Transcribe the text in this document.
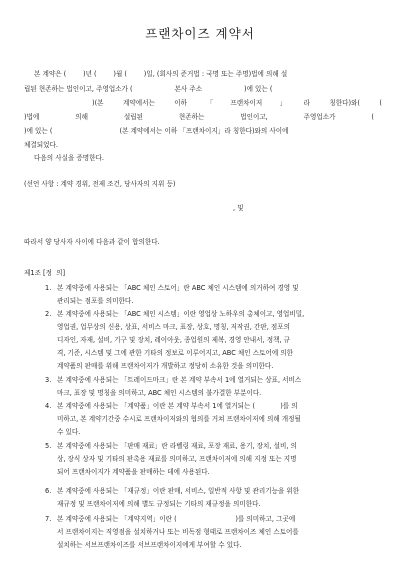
프랜차이즈 계약서
본 계약은 (        )년 (        )월 (        )일, (회사의 준거법 : 국명 또는 주명)법에 의해 설
립된 현존하는 법인이고, 주영업소가 (                    본사 주소                    )에 있는 (
)(본 계약에서는 이하 「프랜차이저」라 칭한다)와( (
)법에 의해 설립된 현존하는 법인이고, 주영업소가 (
)에 있는 (                                (본 계약에서는 이하 「프랜차이지」라 칭한다)와의 사이에
체결되었다.
다음의 사실을 증명한다.
(선언 사항 : 계약 경위, 전제 조건, 당사자의 지위 등)
, 및
따라서 양 당사자 사이에 다음과 같이 합의한다.
제1조 [정  의]
1. 본 계약중에 사용되는 「ABC 체인 스토어」란 ABC 체인 시스템에 의거하여 경영 및
관리되는 점포를 의미한다.
2. 본 계약중에 사용되는 「ABC 체인 시스템」이란 영업상 노하우의 총체이고, 영업비밀,
영업권, 업무상의 신용, 상표, 서비스 마크, 표장, 상호, 명칭, 저작권, 간판, 점포의
디자인, 자재, 설비, 기구 및 장치, 레이아웃, 종업원의 제복, 경영 안내서, 정책, 규
격, 기준, 시스템 및 그에 관한 기타의 정보로 이루어지고, ABC 체인 스토어에 의한
계약품의 판매를 위해 프랜차이저가 개발하고 정당히 소유한 것을 의미한다.
3. 본 계약중에 사용되는 「트레이드마크」란 본 계약 부속서 1에 열거되는 상표, 서비스
마크, 표장 및 명칭을 의미하고, ABC 체인 시스템의 불가결한 부분이다.
4. 본 계약중에 사용되는 「계약품」이란 본 계약 부속서 1에 열거되는 (            )를 의
미하고, 본 계약기간중 수시로 프랜차이저와의 협의를 거쳐 프랜차이저에 의해 개정될
수 있다.
5. 본 계약중에 사용되는 「판매 재료」란 라벨링 재료, 포장 재료, 용기, 장치, 설비, 의
상, 장식 상자 및 기타의 판촉용 재료를 의미하고, 프랜차이저에 의해 지정 또는 지명
되어 프랜차이지가 계약품을 판매하는 데에 사용된다.
6. 본 계약중에 사용되는 「재규정」이란 판매, 서비스, 일반적 사항 및 관리기능을 위한
재규정 및 프랜차이저에 의해 별도 규정되는 기타의 재규정을 의미한다.
7. 본 계약중에 사용되는 「계약지역」이란 (                            )를 의미하고, 그곳에
서 프랜차이지는 직영점을 설치하거나 또는 비독점 형태로 프랜차이즈 체인 스토어를
설치하는 서브프랜차이즈를 서브프랜차이지에게 부여할 수 있다.
